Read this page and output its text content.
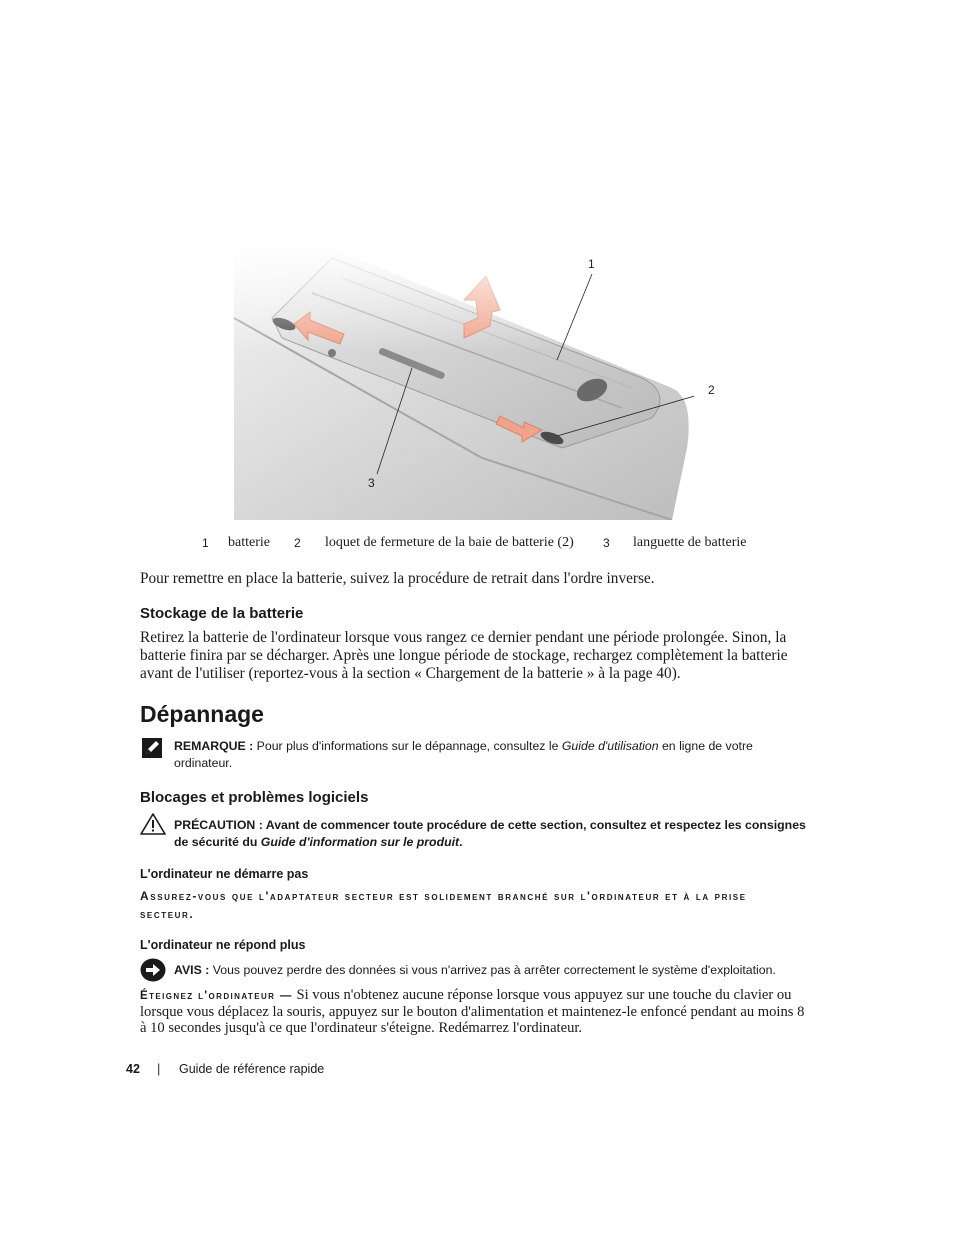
1
2
3
1 batterie 2 loquet de fermeture de la baie de batterie (2) 3 languette de batterie
Pour remettre en place la batterie, suivez la procédure de retrait dans l'ordre inverse.
Stockage de la batterie
Retirez la batterie de l'ordinateur lorsque vous rangez ce dernier pendant une période prolongée. Sinon, la batterie finira par se décharger. Après une longue période de stockage, rechargez complètement la batterie avant de l'utiliser (reportez-vous à la section « Chargement de la batterie » à la page 40).
Dépannage
REMARQUE : Pour plus d'informations sur le dépannage, consultez le Guide d'utilisation en ligne de votre ordinateur.
Blocages et problèmes logiciels
PRÉCAUTION : Avant de commencer toute procédure de cette section, consultez et respectez les consignes de sécurité du Guide d'information sur le produit.
L'ordinateur ne démarre pas
Assurez-vous que l'adaptateur secteur est solidement branché sur l'ordinateur et à la prise
secteur.
L'ordinateur ne répond plus
AVIS : Vous pouvez perdre des données si vous n'arrivez pas à arrêter correctement le système d'exploitation.
Éteignez l'ordinateur — Si vous n'obtenez aucune réponse lorsque vous appuyez sur une touche du clavier ou lorsque vous déplacez la souris, appuyez sur le bouton d'alimentation et maintenez-le enfoncé pendant au moins 8 à 10 secondes jusqu'à ce que l'ordinateur s'éteigne. Redémarrez l'ordinateur.
42 | Guide de référence rapide
